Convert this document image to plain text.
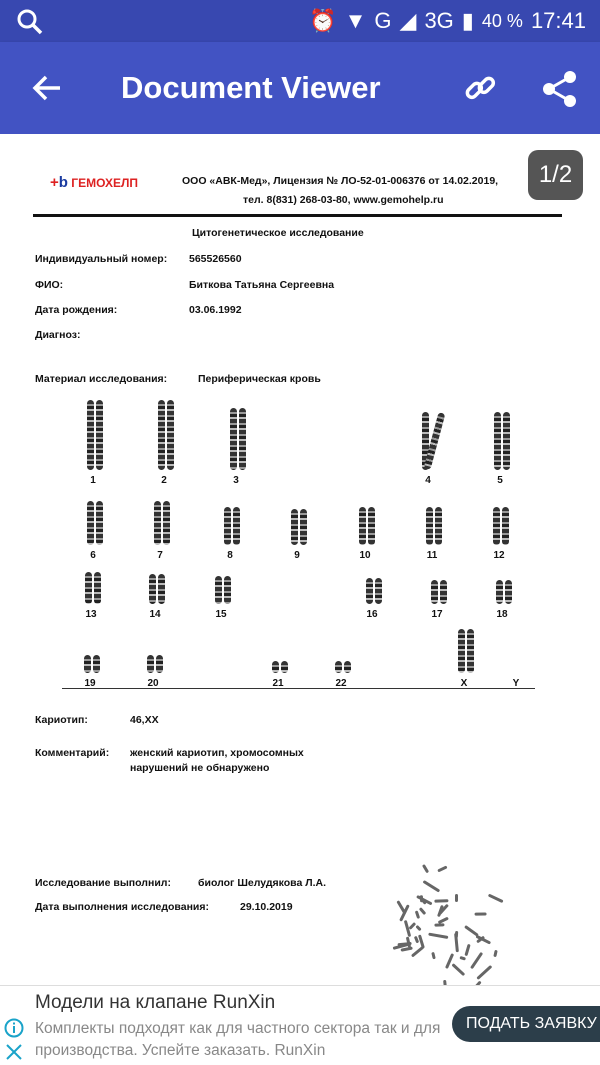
⏰ ▼ G ◢ 3G ▮ 40 % 17:41
Document Viewer
+b ГЕМОХЕЛП	ООО «АВК-Мед», Лицензия № ЛО-52-01-006376 от 14.02.2019,
тел. 8(831) 268-03-80, www.gemohelp.ru
Цитогенетическое исследование
Индивидуальный номер: 565526560
ФИО:	Биткова Татьяна Сергеевна
Дата рождения:	03.06.1992
Диагноз:
Материал исследования:	Периферическая кровь
Кариотип:	46,XX
Комментарий: женский кариотип, хромосомных
нарушений не обнаружено
Исследование выполнил:	биолог Шелудякова Л.А.
Дата выполнения исследования:	29.10.2019
1	2	3	4	5
6	7	8	9	10	11	12
13	14	15	16	17	18
19	20	21	22	X	Y
1/2
Модели на клапане RunXin
Комплекты подходят как для частного сектора так и для производства. Успейте заказать. RunXin
ПОДАТЬ ЗАЯВКУ
